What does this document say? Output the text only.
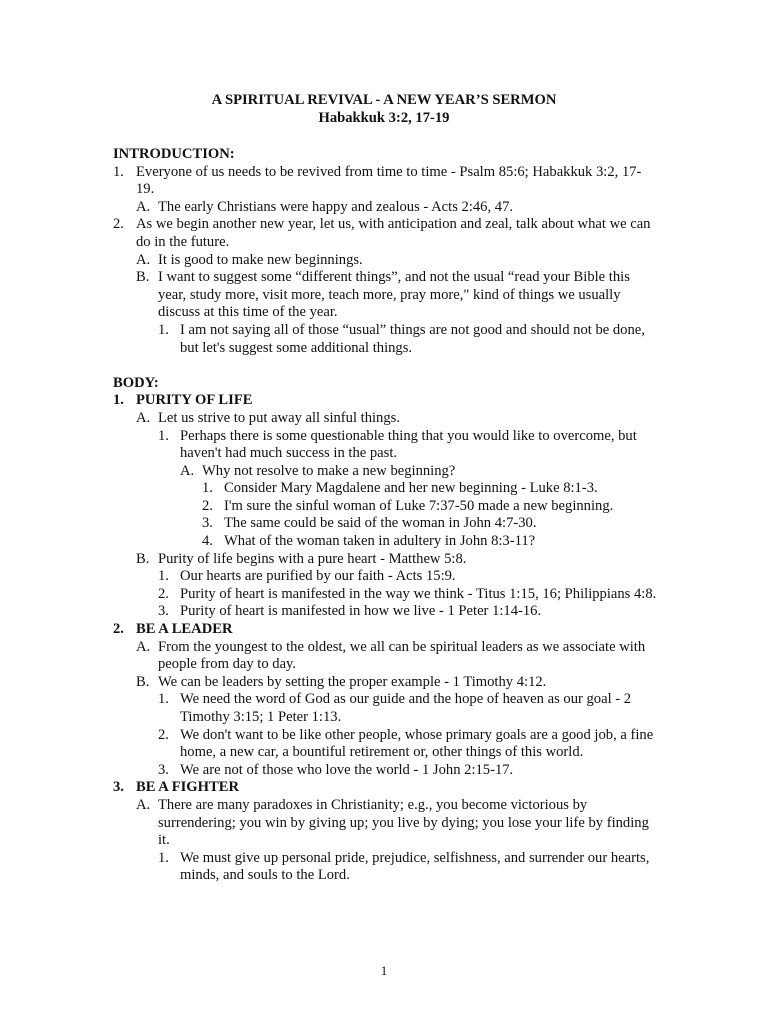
A SPIRITUAL REVIVAL - A NEW YEAR’S SERMON
Habakkuk 3:2, 17-19
INTRODUCTION:
1. Everyone of us needs to be revived from time to time - Psalm 85:6; Habakkuk 3:2, 17-19.
A. The early Christians were happy and zealous - Acts 2:46, 47.
2. As we begin another new year, let us, with anticipation and zeal, talk about what we can do in the future.
A. It is good to make new beginnings.
B. I want to suggest some “different things”, and not the usual “read your Bible this year, study more, visit more, teach more, pray more," kind of things we usually discuss at this time of the year.
1. I am not saying all of those “usual” things are not good and should not be done, but let's suggest some additional things.
BODY:
1. PURITY OF LIFE
A. Let us strive to put away all sinful things.
1. Perhaps there is some questionable thing that you would like to overcome, but haven't had much success in the past.
A. Why not resolve to make a new beginning?
1. Consider Mary Magdalene and her new beginning - Luke 8:1-3.
2. I'm sure the sinful woman of Luke 7:37-50 made a new beginning.
3. The same could be said of the woman in John 4:7-30.
4. What of the woman taken in adultery in John 8:3-11?
B. Purity of life begins with a pure heart - Matthew 5:8.
1. Our hearts are purified by our faith - Acts 15:9.
2. Purity of heart is manifested in the way we think - Titus 1:15, 16; Philippians 4:8.
3. Purity of heart is manifested in how we live - 1 Peter 1:14-16.
2. BE A LEADER
A. From the youngest to the oldest, we all can be spiritual leaders as we associate with people from day to day.
B. We can be leaders by setting the proper example - 1 Timothy 4:12.
1. We need the word of God as our guide and the hope of heaven as our goal - 2 Timothy 3:15; 1 Peter 1:13.
2. We don't want to be like other people, whose primary goals are a good job, a fine home, a new car, a bountiful retirement or, other things of this world.
3. We are not of those who love the world - 1 John 2:15-17.
3. BE A FIGHTER
A. There are many paradoxes in Christianity; e.g., you become victorious by surrendering; you win by giving up; you live by dying; you lose your life by finding it.
1. We must give up personal pride, prejudice, selfishness, and surrender our hearts, minds, and souls to the Lord.
1
